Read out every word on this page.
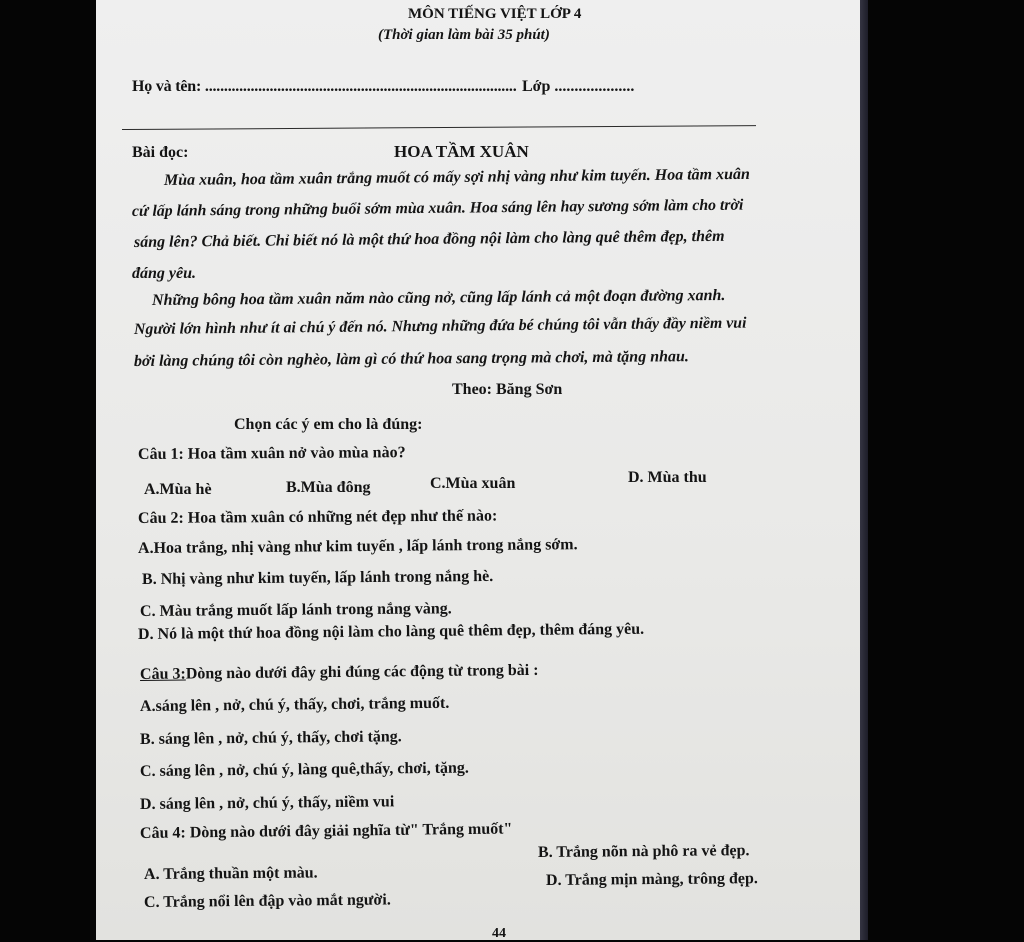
MÔN TIẾNG VIỆT LỚP 4
(Thời gian làm bài 35 phút)
Họ và tên: .................................................................................. Lớp ....................
Bài đọc:	HOA TẦM XUÂN
Mùa xuân, hoa tầm xuân trắng muốt có mấy sợi nhị vàng như kim tuyến. Hoa tầm xuân
cứ lấp lánh sáng trong những buổi sớm mùa xuân. Hoa sáng lên hay sương sớm làm cho trời
sáng lên? Chả biết. Chỉ biết nó là một thứ hoa đồng nội làm cho làng quê thêm đẹp, thêm
đáng yêu.
Những bông hoa tầm xuân năm nào cũng nở, cũng lấp lánh cả một đoạn đường xanh.
Người lớn hình như ít ai chú ý đến nó. Nhưng những đứa bé chúng tôi vẫn thấy đầy niềm vui
bởi làng chúng tôi còn nghèo, làm gì có thứ hoa sang trọng mà chơi, mà tặng nhau.
Theo: Băng Sơn
Chọn các ý em cho là đúng:
Câu 1: Hoa tầm xuân nở vào mùa nào?
A.Mùa hè	B.Mùa đông	C.Mùa xuân	D. Mùa thu
Câu 2: Hoa tầm xuân có những nét đẹp như thế nào:
A.Hoa trắng, nhị vàng như kim tuyến , lấp lánh trong nắng sớm.
B. Nhị vàng như kim tuyến, lấp lánh trong nắng hè.
C. Màu trắng muốt lấp lánh trong nắng vàng.
D. Nó là một thứ hoa đồng nội làm cho làng quê thêm đẹp, thêm đáng yêu.
Câu 3:Dòng nào dưới đây ghi đúng các động từ trong bài :
A.sáng lên , nở, chú ý, thấy, chơi, trắng muốt.
B. sáng lên , nở, chú ý, thấy, chơi tặng.
C. sáng lên , nở, chú ý, làng quê,thấy, chơi, tặng.
D. sáng lên , nở, chú ý, thấy, niềm vui
Câu 4: Dòng nào dưới đây giải nghĩa từ" Trắng muốt"
A. Trắng thuần một màu.
B. Trắng nõn nà phô ra vẻ đẹp.
C. Trắng nổi lên đập vào mắt người.
D. Trắng mịn màng, trông đẹp.
44
